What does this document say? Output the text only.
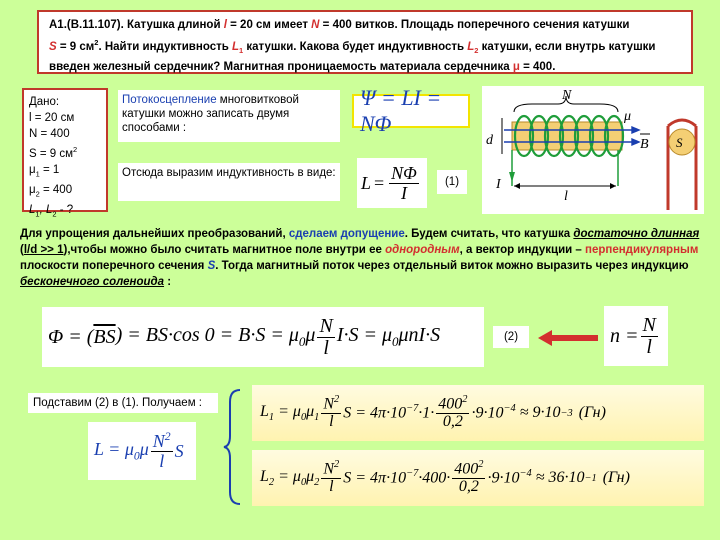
А1.(В.11.107). Катушка длиной l = 20 см имеет N = 400 витков. Площадь поперечного сечения катушки
S = 9 $см^2$. Найти индуктивность $L_1$ катушки. Какова будет индуктивность $L_2$ катушки, если внутрь катушки введен железный сердечник? Магнитная проницаемость материала сердечника μ = 400.
Дано:
l = 20 см
N = 400
S = 9 $см^2$
$\mu_1 = 1$
$\mu_2 = 400$
$L_1$, $L_2$ - ?
Потокосцепление многовитковой катушки можно записать двумя способами :
Ψ = LI = NΦ
Отсюда выразим индуктивность в виде: $L = \frac{N\Phi}{I} (1)$
N
d
μ
B
I
l
S
Для упрощения дальнейших преобразований, сделаем допущение. Будем считать, что катушка достаточно длинная (l/d >> 1),чтобы можно было считать магнитное поле внутри ее однородным, а вектор индукции – перпендикулярным плоскости поперечного сечения S. Тогда магнитный поток через отдельный виток можно выразить через индукцию бесконечного соленоида :
Φ = ( $\overline{BS}$ ) = BS·cos $0 = B\cdot S = \mu_0\mu \frac{N}{l} I\cdot S = \mu_0\mu nI\cdot S$	(2)	$n = \frac{N}{l}$
Подставим (2) в (1). Получаем :
$L = \mu_0\mu \frac{N^2}{l}$ S
$L_1 = \mu_0\mu_1 \frac{N^2}{l}$ $S = 4\pi\cdot 10^{-7}\cdot 1\cdot \frac{400^2}{0,2} \cdot 9\cdot 10^{-4} \approx 9\cdot 10 -3$ (Гн)
$L_2 = \mu_0\mu_2 \frac{N^2}{l}$ $S = 4\pi\cdot 10^{-7}\cdot 400\cdot \frac{400^2}{0,2} \cdot 9\cdot 10^{-4} \approx 36\cdot 10 -1$ (Гн)
